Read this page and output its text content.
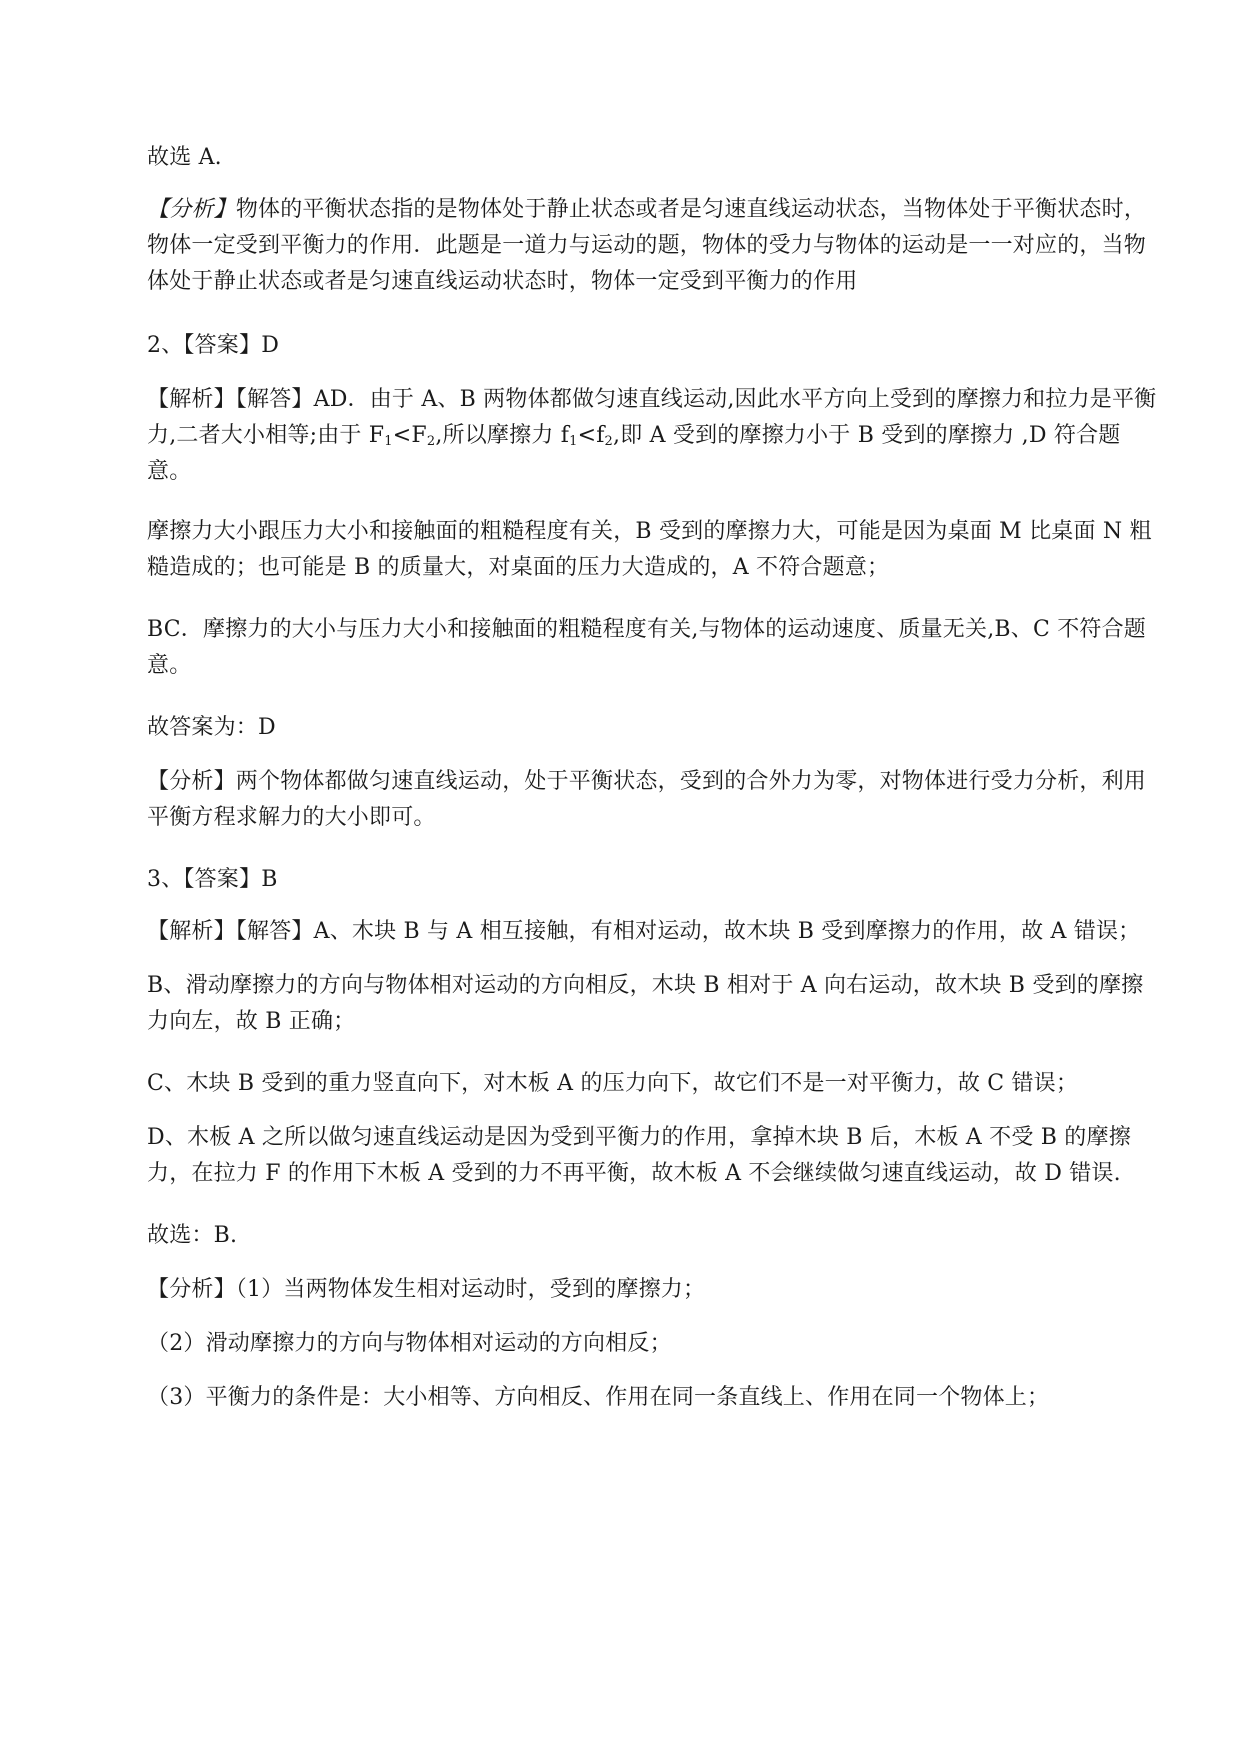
故选 A.

【分析】物体的平衡状态指的是物体处于静止状态或者是匀速直线运动状态，当物体处于平衡状态时，物体一定受到平衡力的作用．此题是一道力与运动的题，物体的受力与物体的运动是一一对应的，当物体处于静止状态或者是匀速直线运动状态时，物体一定受到平衡力的作用

2、【答案】D

【解析】【解答】AD．由于 A、B 两物体都做匀速直线运动,因此水平方向上受到的摩擦力和拉力是平衡力,二者大小相等;由于 $F_1<F_2$,所以摩擦力 $f_1<f_2$,即 A 受到的摩擦力小于 B 受到的摩擦力 ,D 符合题意。

摩擦力大小跟压力大小和接触面的粗糙程度有关，B 受到的摩擦力大，可能是因为桌面 M 比桌面 N 粗糙造成的；也可能是 B 的质量大，对桌面的压力大造成的，A 不符合题意；

BC．摩擦力的大小与压力大小和接触面的粗糙程度有关,与物体的运动速度、质量无关,B、C 不符合题意。

故答案为：D

【分析】两个物体都做匀速直线运动，处于平衡状态，受到的合外力为零，对物体进行受力分析，利用平衡方程求解力的大小即可。

3、【答案】B

【解析】【解答】A、木块 B 与 A 相互接触，有相对运动，故木块 B 受到摩擦力的作用，故 A 错误；

B、滑动摩擦力的方向与物体相对运动的方向相反，木块 B 相对于 A 向右运动，故木块 B 受到的摩擦力向左，故 B 正确；

C、木块 B 受到的重力竖直向下，对木板 A 的压力向下，故它们不是一对平衡力，故 C 错误；

D、木板 A 之所以做匀速直线运动是因为受到平衡力的作用，拿掉木块 B 后，木板 A 不受 B 的摩擦力，在拉力 F 的作用下木板 A 受到的力不再平衡，故木板 A 不会继续做匀速直线运动，故 D 错误.

故选：B.

【分析】（1）当两物体发生相对运动时，受到的摩擦力；

（2）滑动摩擦力的方向与物体相对运动的方向相反；

（3）平衡力的条件是：大小相等、方向相反、作用在同一条直线上、作用在同一个物体上；
